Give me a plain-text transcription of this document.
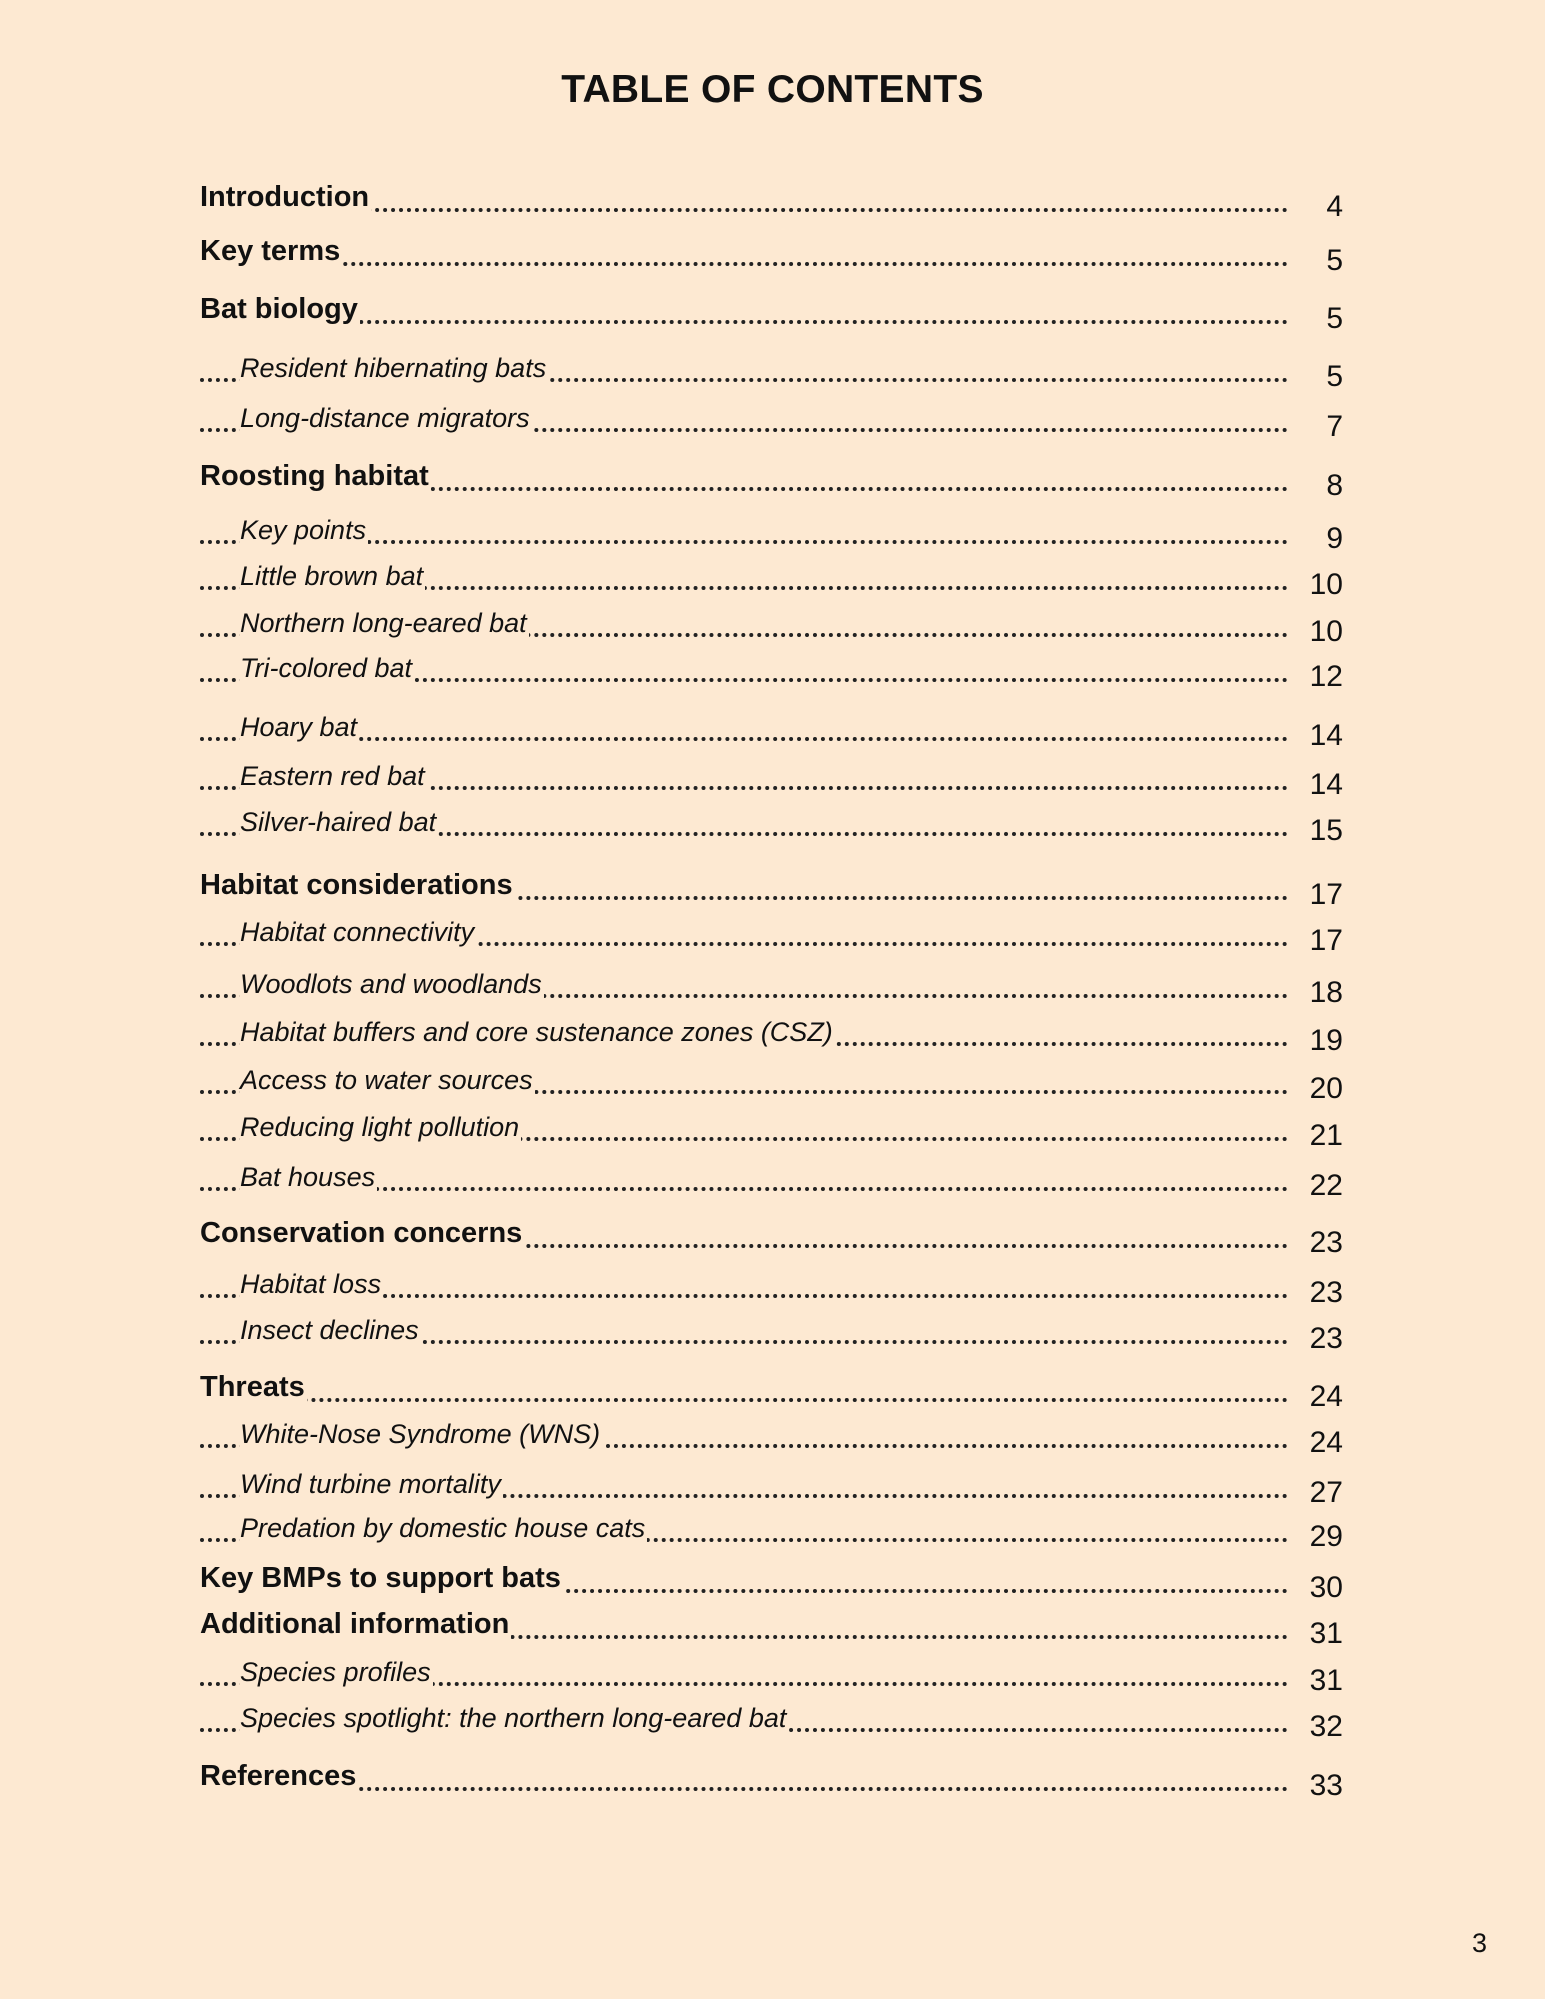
TABLE OF CONTENTS
Introduction	4
Key terms	5
Bat biology	5
Resident hibernating bats	5
Long-distance migrators	7
Roosting habitat	8
Key points	9
Little brown bat	10
Northern long-eared bat	10
Tri-colored bat	12
Hoary bat	14
Eastern red bat	14
Silver-haired bat	15
Habitat considerations	17
Habitat connectivity	17
Woodlots and woodlands	18
Habitat buffers and core sustenance zones (CSZ)	19
Access to water sources	20
Reducing light pollution	21
Bat houses	22
Conservation concerns	23
Habitat loss	23
Insect declines	23
Threats	24
White-Nose Syndrome (WNS)	24
Wind turbine mortality	27
Predation by domestic house cats	29
Key BMPs to support bats	30
Additional information	31
Species profiles	31
Species spotlight: the northern long-eared bat	32
References	33
3
